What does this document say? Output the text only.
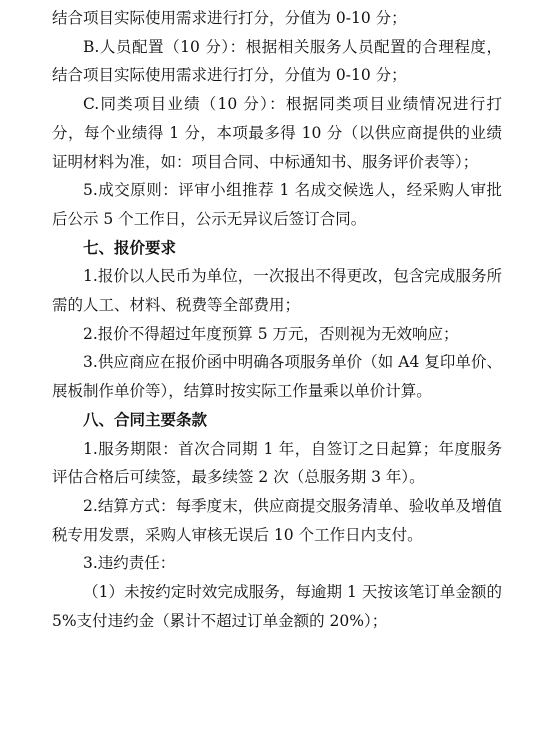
结合项目实际使用需求进行打分，分值为 0-10 分；

B.人员配置（10 分）：根据相关服务人员配置的合理程度，结合项目实际使用需求进行打分，分值为 0-10 分；

C.同类项目业绩（10 分）：根据同类项目业绩情况进行打分，每个业绩得 1 分，本项最多得 10 分（以供应商提供的业绩证明材料为准，如：项目合同、中标通知书、服务评价表等）；

5.成交原则：评审小组推荐 1 名成交候选人，经采购人审批后公示 5 个工作日，公示无异议后签订合同。

七、报价要求

1.报价以人民币为单位，一次报出不得更改，包含完成服务所需的人工、材料、税费等全部费用；

2.报价不得超过年度预算 5 万元，否则视为无效响应；

3.供应商应在报价函中明确各项服务单价（如 A4 复印单价、展板制作单价等），结算时按实际工作量乘以单价计算。

八、合同主要条款

1.服务期限：首次合同期 1 年，自签订之日起算；年度服务评估合格后可续签，最多续签 2 次（总服务期 3 年）。

2.结算方式：每季度末，供应商提交服务清单、验收单及增值税专用发票，采购人审核无误后 10 个工作日内支付。

3.违约责任：

（1）未按约定时效完成服务，每逾期 1 天按该笔订单金额的 5%支付违约金（累计不超过订单金额的 20%）；
